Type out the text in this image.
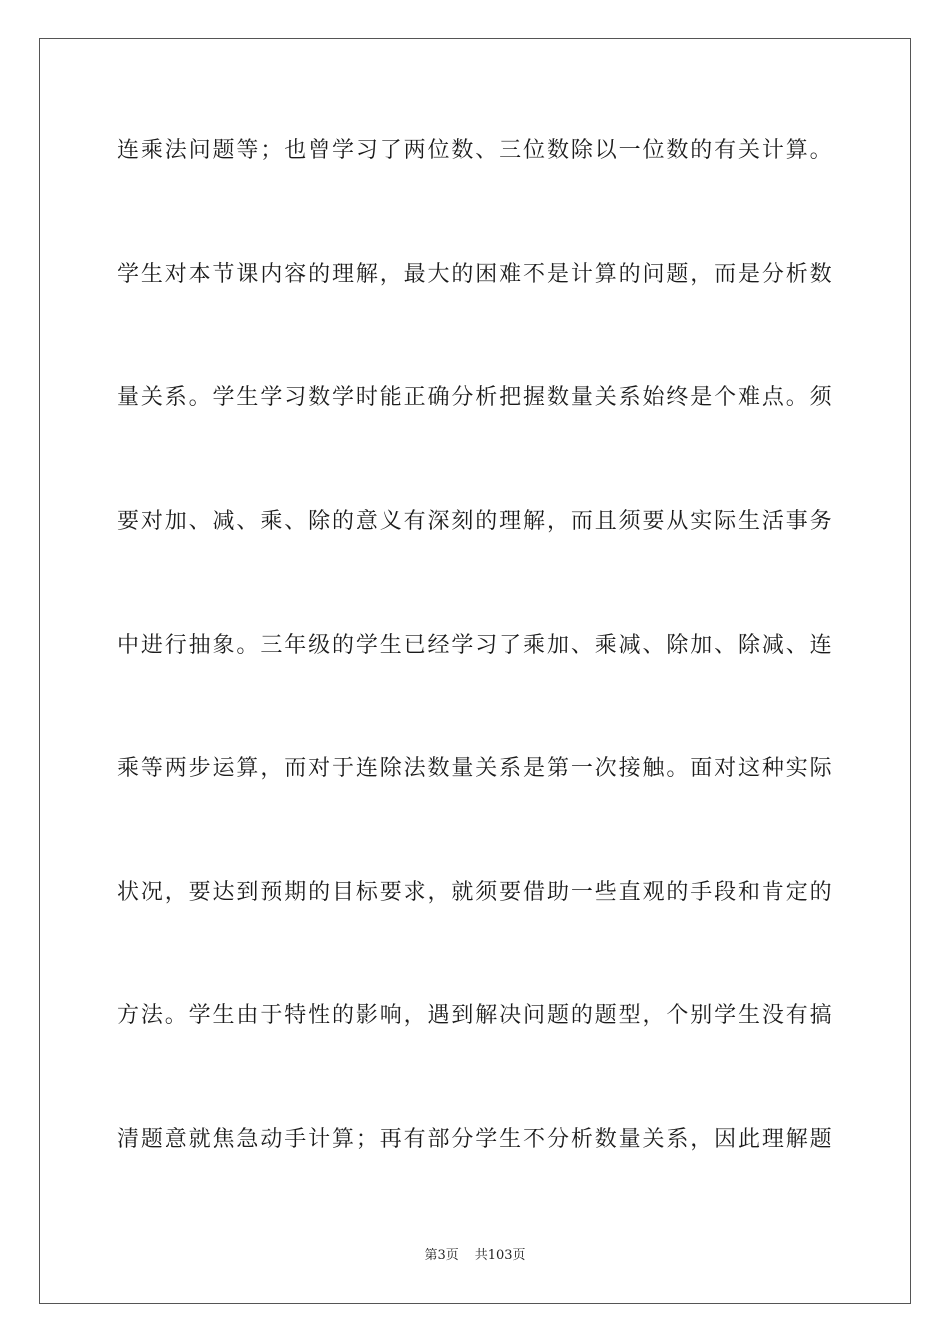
连乘法问题等；也曾学习了两位数、三位数除以一位数的有关计算。
学生对本节课内容的理解，最大的困难不是计算的问题，而是分析数
量关系。学生学习数学时能正确分析把握数量关系始终是个难点。须
要对加、减、乘、除的意义有深刻的理解，而且须要从实际生活事务
中进行抽象。三年级的学生已经学习了乘加、乘减、除加、除减、连
乘等两步运算，而对于连除法数量关系是第一次接触。面对这种实际
状况，要达到预期的目标要求，就须要借助一些直观的手段和肯定的
方法。学生由于特性的影响，遇到解决问题的题型，个别学生没有搞
清题意就焦急动手计算；再有部分学生不分析数量关系，因此理解题
第3页 共103页
